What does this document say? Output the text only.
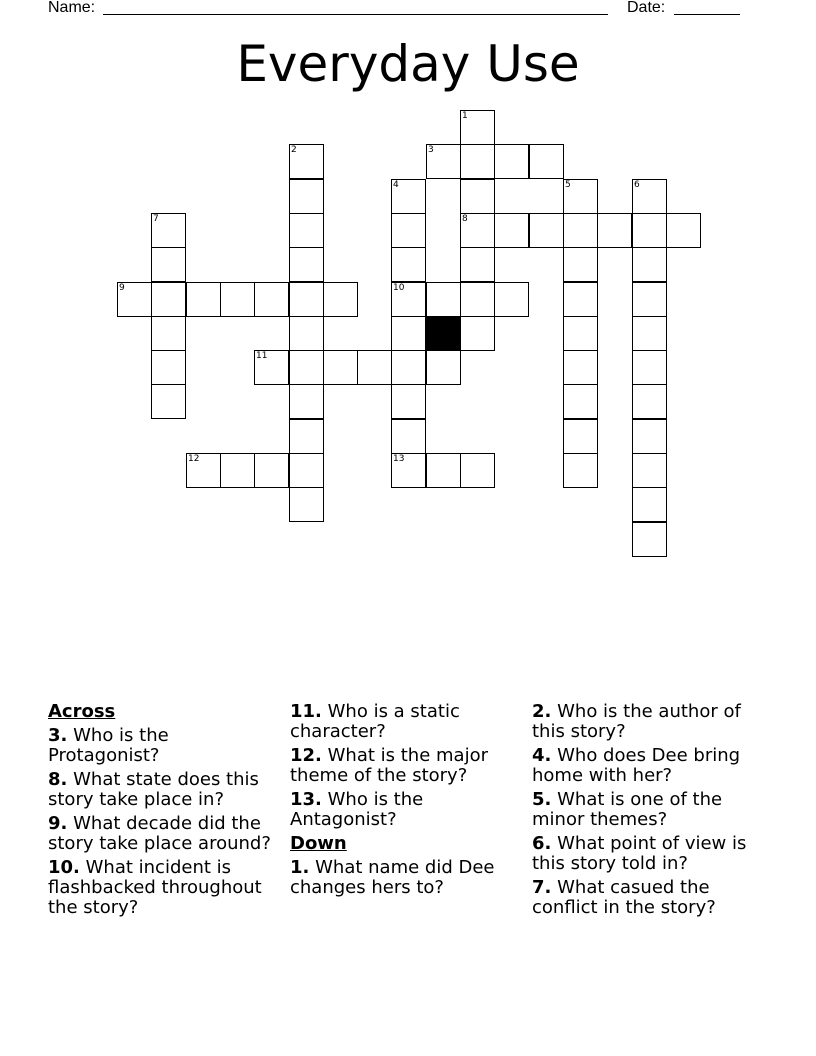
Name:	Date:
Everyday Use
1
2	3
4	5	6
7	8
9	10
11
12	13
Across
3. Who is the Protagonist?
8. What state does this story take place in?
9. What decade did the story take place around?
10. What incident is flashbacked throughout the story?
11. Who is a static character?
12. What is the major theme of the story?
13. Who is the Antagonist?
Down
1. What name did Dee changes hers to?
2. Who is the author of this story?
4. Who does Dee bring home with her?
5. What is one of the minor themes?
6. What point of view is this story told in?
7. What casued the conflict in the story?
